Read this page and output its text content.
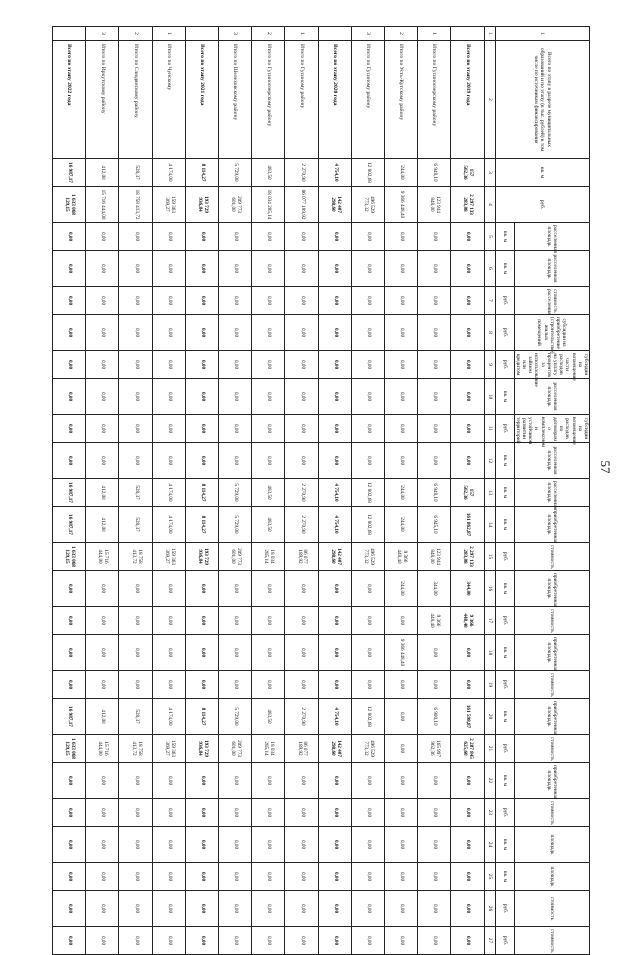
1	Всего по этапу в разрезе муниципальных образований и по этапу (в тыс. рублей) в том числе по источникам финансирования	кв. м	руб.	расселенная площадь	расселенная площадь	стоимость расселения	субсидии на приобретение (строительство) жилых помещений	субсидии на возмещение части расходов на уплату процентов за использование займом или кредитом	расселенная площадь	субсидии на возмещение расходов по договорам о комплексном и устойчивом развитии территорий	расселенная площадь	расселенная площадь	приобретенная площадь	стоимость	приобретенная площадь	стоимость	приобретенная площадь	стоимость	приобретенная площадь	стоимость	приобретенная площадь	стоимость	площадь	площадь	стоимость	стоимость
				кв. м	кв. м	руб.	руб.	руб.	кв. м	руб.	кв. м	кв. м	кв. м	руб.	кв. м	руб.	кв. м	руб.	кв. м	руб.	кв. м	руб.	кв. м	кв. м	руб.	руб.
1	2	3	4	5	6	7	8	9	10	11	12	13	14	15	16	17	18	19	20	21	22	23	24	25	26	27
	Всего по этапу 2019 года	157 562,36	2 297 133 283,08	0,00	0,00	0,00	0,00	0,00	0,00	0,00	0,00	157 562,36	161 862,87	2 297 133 283,08	344,00	9 366 448,40	0,00	0,00	161 598,87	2 287 845 625,60	0,00	0,00	0,00	0,00	0,00	0,00
1	Итого по Гусиноозерскому району	6 948,10	123 944 848,00	0,00	0,00	0,00	0,00	0,00	0,00	0,00	0,00	6 948,10	6 945,10	123 944 848,00	344,00	9 366 448,40	0,00	0,00	6 900,10	165 997 962,36	0,00	0,00	0,00	0,00	0,00	0,00
2	Итого по Усть-Кутскому району	244,00	9 366 448,40	0,00	0,00	0,00	0,00	0,00	0,00	0,00	0,00	244,00	244,00	9 366 448,40	244,00	0,00	9 366 448,40	0,00	0,00	0,00	0,00	0,00	0,00	0,00	0,00	0,00
3	Итого по Гусиному району	12 802,68	496 529 773,32	0,00	0,00	0,00	0,00	0,00	0,00	0,00	0,00	12 802,68	12 802,68	496 529 773,32	0,00	0,00	0,00	0,00	12 802,68	496 529 773,32	0,00	0,00	0,00	0,00	0,00	0,00
	Всего по этапу 2020 года	4 754,10	142 407 298,60	0,00	0,00	0,00	0,00	0,00	0,00	0,00	0,00	4 754,10	4 754,10	142 407 298,60	0,00	0,00	0,00	0,00	4 754,10	142 407 298,60	0,00	0,00	0,00	0,00	0,00	0,00
1	Итого по Гусиному району	2 270,90	86 077 189,92	0,00	0,00	0,00	0,00	0,00	0,00	0,00	0,00	2 270,90	2 270,90	86 077 189,92	0,00	0,00	0,00	0,00	2 270,90	86 077 189,92	0,00	0,00	0,00	0,00	0,00	0,00
2	Итого по Гусиноозерскому району	483,50	18 034 285,14	0,00	0,00	0,00	0,00	0,00	0,00	0,00	0,00	483,50	483,50	18 034 285,14	0,00	0,00	0,00	0,00	483,50	18 034 285,14	0,00	0,00	0,00	0,00	0,00	0,00
3	Итого по Шелеховскому району	5 729,00	209 773 601,00	0,00	0,00	0,00	0,00	0,00	0,00	0,00	0,00	5 729,00	5 729,00	209 773 601,00	0,00	0,00	0,00	0,00	5 729,00	209 773 601,00	0,00	0,00	0,00	0,00	0,00	0,00
	Всего по этапу 2021 года	8 114,27	193 729 936,84	0,00	0,00	0,00	0,00	0,00	0,00	0,00	0,00	8 114,27	8 114,27	193 729 936,84	0,00	0,00	0,00	0,00	8 114,27	193 729 936,84	0,00	0,00	0,00	0,00	0,00	0,00
1	Итого по Чунскому	4 174,00	159 363 369,27	0,00	0,00	0,00	0,00	0,00	0,00	0,00	0,00	4 174,00	4 174,00	159 363 369,27	0,00	0,00	0,00	0,00	4 174,00	159 363 369,27	0,00	0,00	0,00	0,00	0,00	0,00
2	Итого по Слюдянскому району	528,37	18 758 413,72	0,00	0,00	0,00	0,00	0,00	0,00	0,00	0,00	528,37	528,37	18 758 413,72	0,00	0,00	0,00	0,00	528,37	18 758 413,72	0,00	0,00	0,00	0,00	0,00	0,00
3	Итого по Иркутскому району	412,00	15 716 444,00	0,00	0,00	0,00	0,00	0,00	0,00	0,00	0,00	412,00	412,00	15 716 444,00	0,00	0,00	0,00	0,00	412,00	15 716 444,00	0,00	0,00	0,00	0,00	0,00	0,00
	Всего по этапу 2022 года	16 987,17	1 633 068 129,15	0,00	0,00	0,00	0,00	0,00	0,00	0,00	0,00	16 987,17	16 987,17	1 633 068 129,15	0,00	0,00	0,00	0,00	16 987,17	1 633 068 129,15	0,00	0,00	0,00	0,00	0,00	0,00
57
